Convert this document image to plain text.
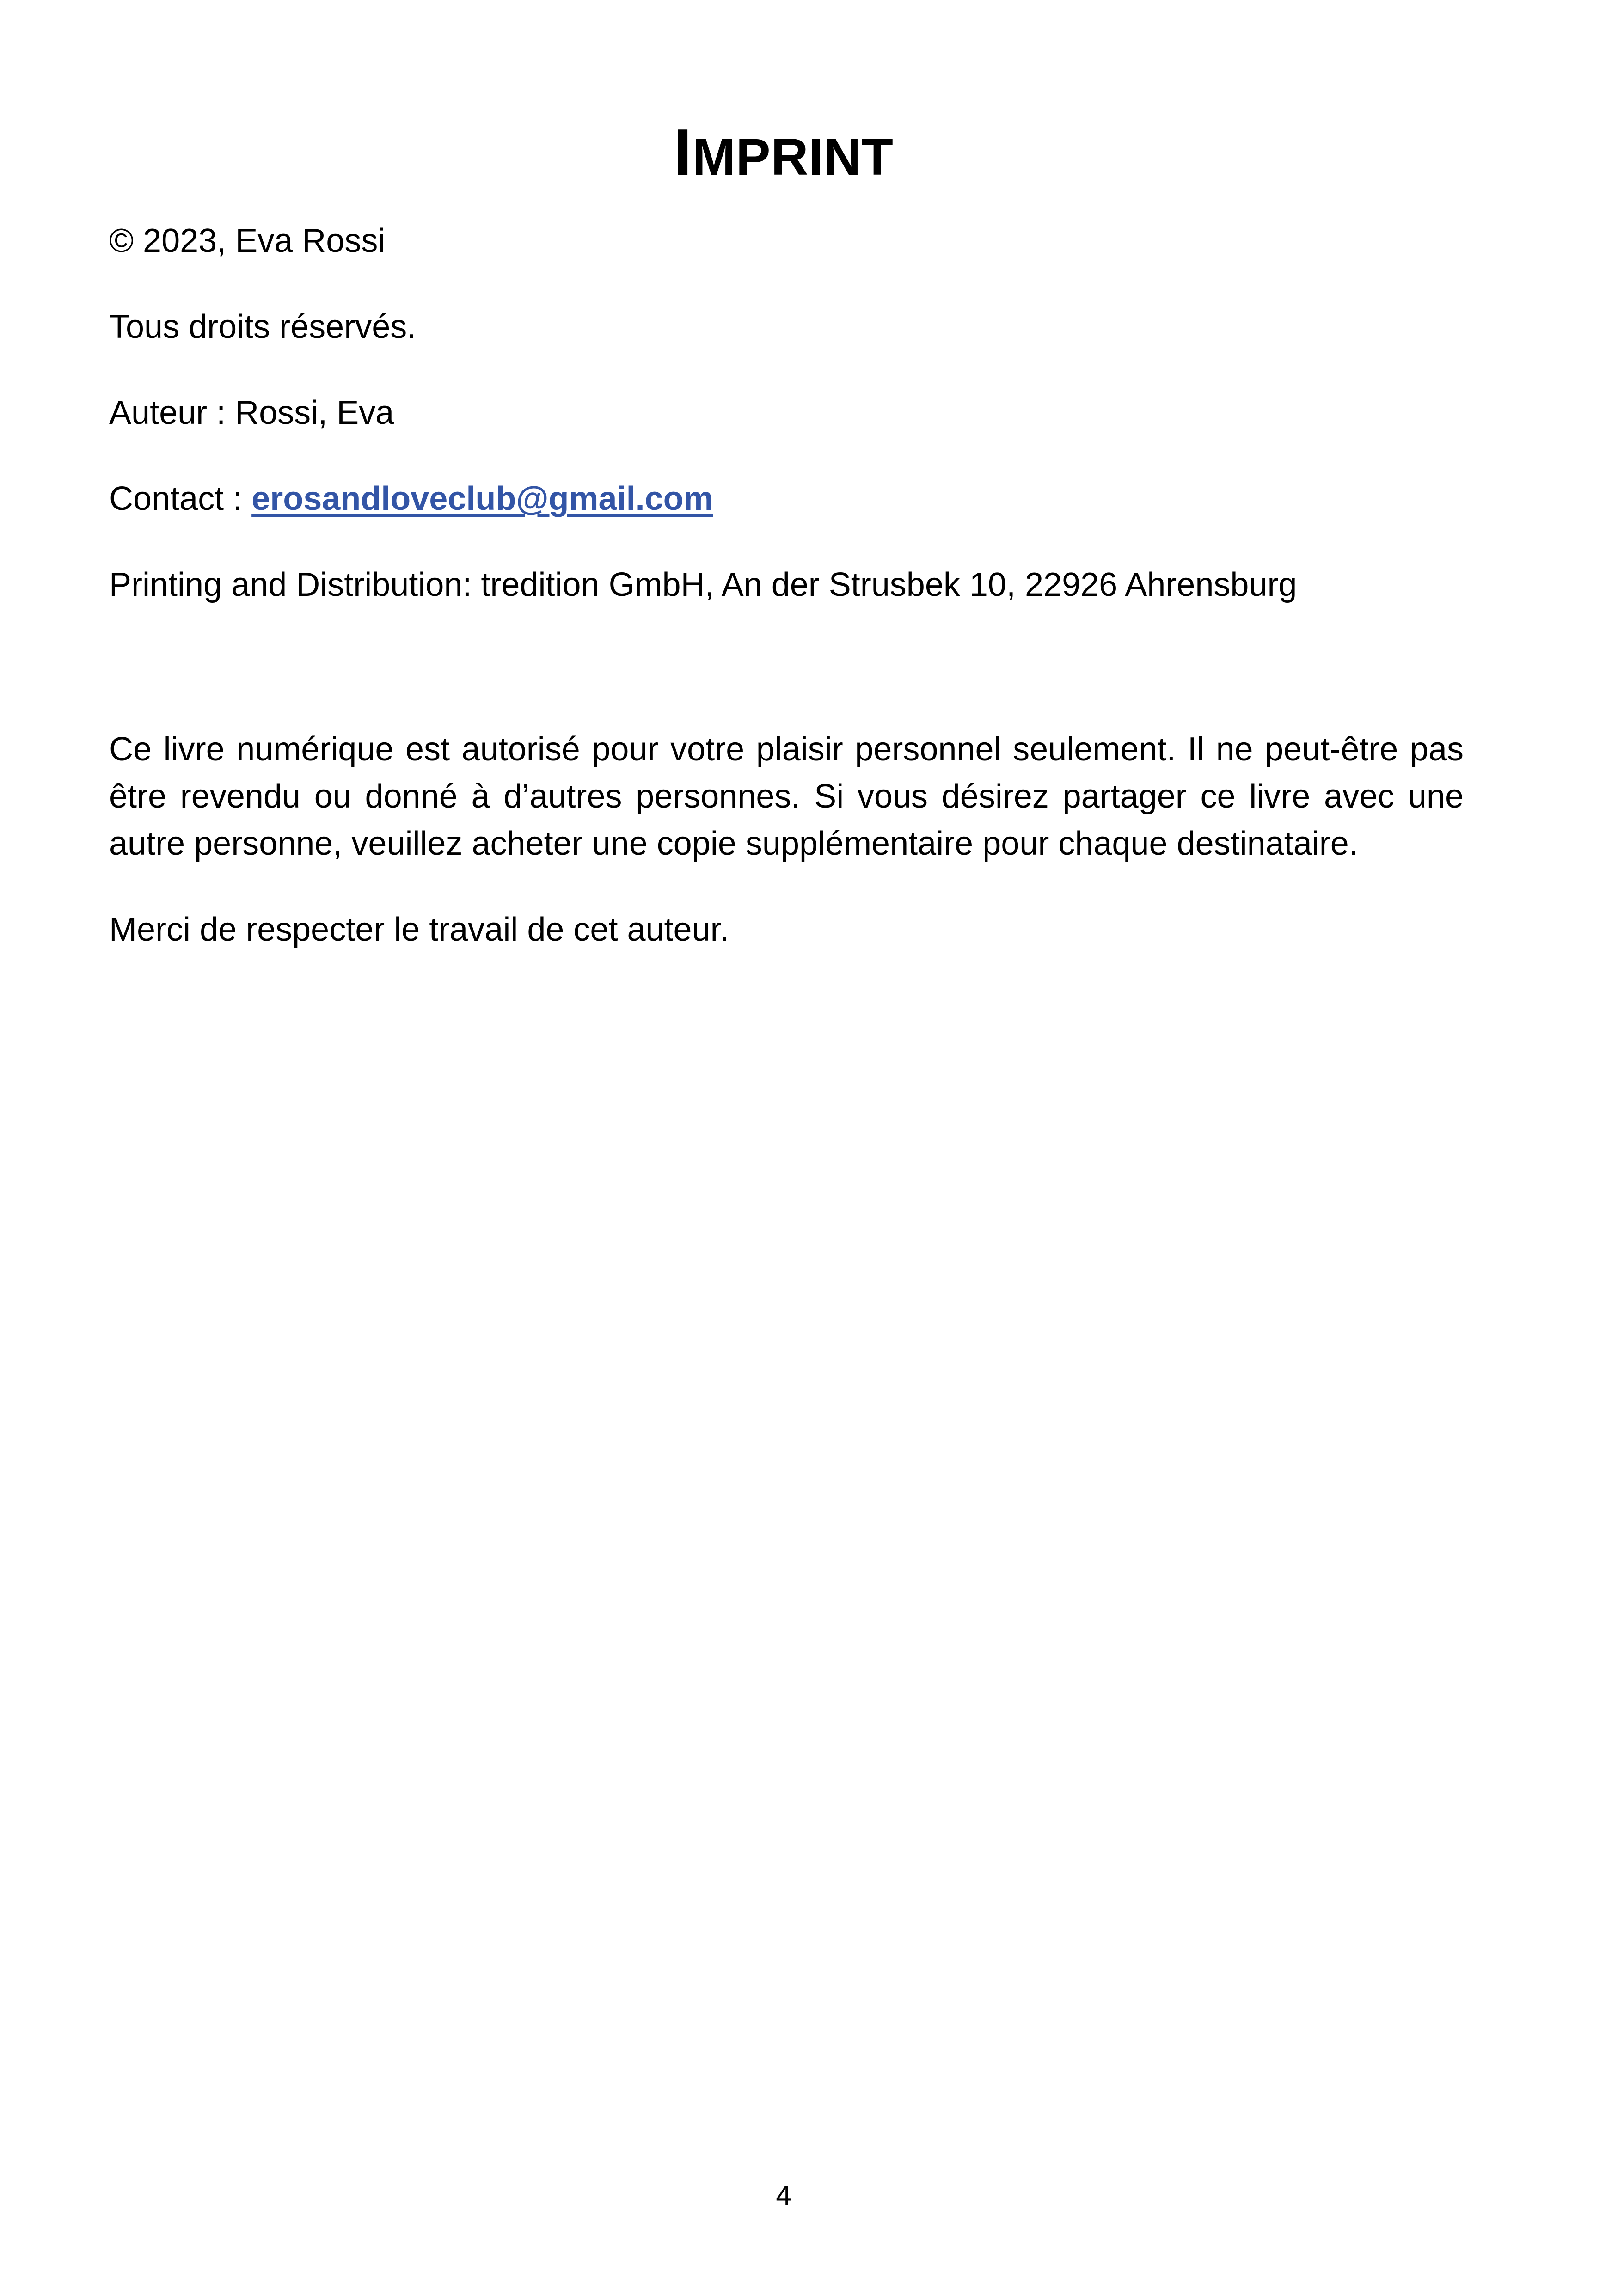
IMPRINT

© 2023, Eva Rossi

Tous droits réservés.

Auteur : Rossi, Eva

Contact : erosandloveclub@gmail.com

Printing and Distribution: tredition GmbH, An der Strusbek 10, 22926 Ahrensburg

Ce livre numérique est autorisé pour votre plaisir personnel seulement. Il ne peut-être pas être revendu ou donné à d’autres personnes. Si vous désirez partager ce livre avec une autre personne, veuillez acheter une copie supplémentaire pour chaque destinataire.

Merci de respecter le travail de cet auteur.

4
